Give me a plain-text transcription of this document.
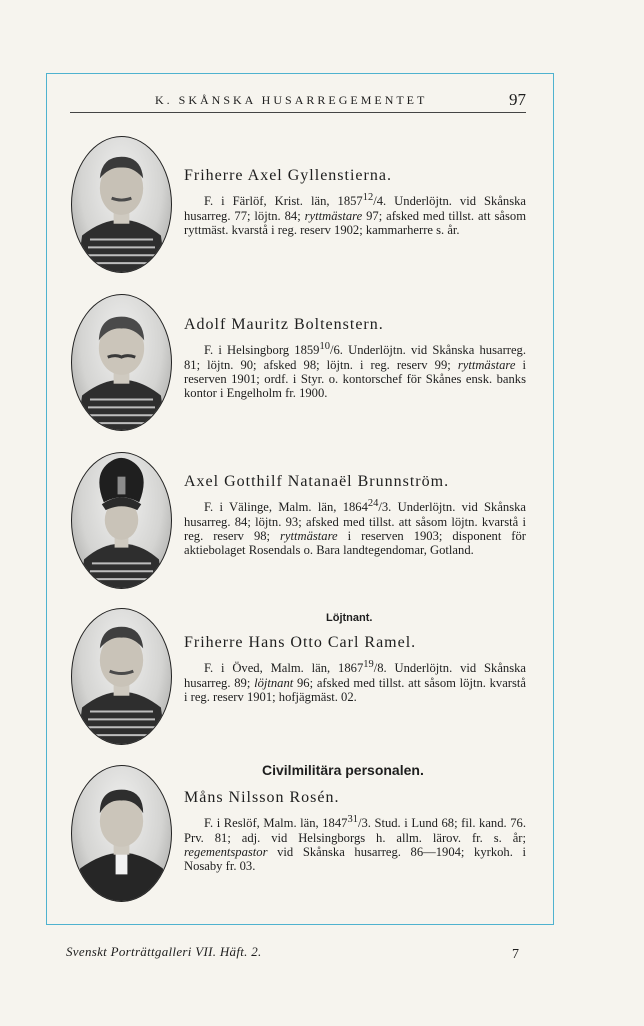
K. SKÅNSKA HUSARREGEMENTET	97
Friherre Axel Gyllenstierna.

F. i Färlöf, Krist. län, 1857$^{12}$/4. Underlöjtn. vid Skånska husarreg. 77; löjtn. 84; ryttmästare 97; afsked med tillst. att såsom ryttmäst. kvarstå i reg. reserv 1902; kammarherre s. år.

Adolf Mauritz Boltenstern.

F. i Helsingborg 1859$^{10}$/6. Underlöjtn. vid Skånska husarreg. 81; löjtn. 90; afsked 98; löjtn. i reg. reserv 99; ryttmästare i reserven 1901; ordf. i Styr. o. kontorschef för Skånes ensk. banks kontor i Engelholm fr. 1900.

Axel Gotthilf Natanaël Brunnström.

F. i Välinge, Malm. län, 1864$^{24}$/3. Underlöjtn. vid Skånska husarreg. 84; löjtn. 93; afsked med tillst. att såsom löjtn. kvarstå i reg. reserv 98; ryttmästare i reserven 1903; disponent för aktiebolaget Rosendals o. Bara landtegendomar, Gotland.

Löjtnant.
Friherre Hans Otto Carl Ramel.

F. i Öved, Malm. län, 1867$^{19}$/8. Underlöjtn. vid Skånska husarreg. 89; löjtnant 96; afsked med tillst. att såsom löjtn. kvarstå i reg. reserv 1901; hofjägmäst. 02.

Civilmilitära personalen.
Måns Nilsson Rosén.

F. i Reslöf, Malm. län, 1847$^{31}$/3. Stud. i Lund 68; fil. kand. 76. Prv. 81; adj. vid Helsingborgs h. allm. lärov. fr. s. år; regementspastor vid Skånska husarreg. 86—1904; kyrkoh. i Nosaby fr. 03.

Svenskt Porträttgalleri VII. Häft. 2.	7
